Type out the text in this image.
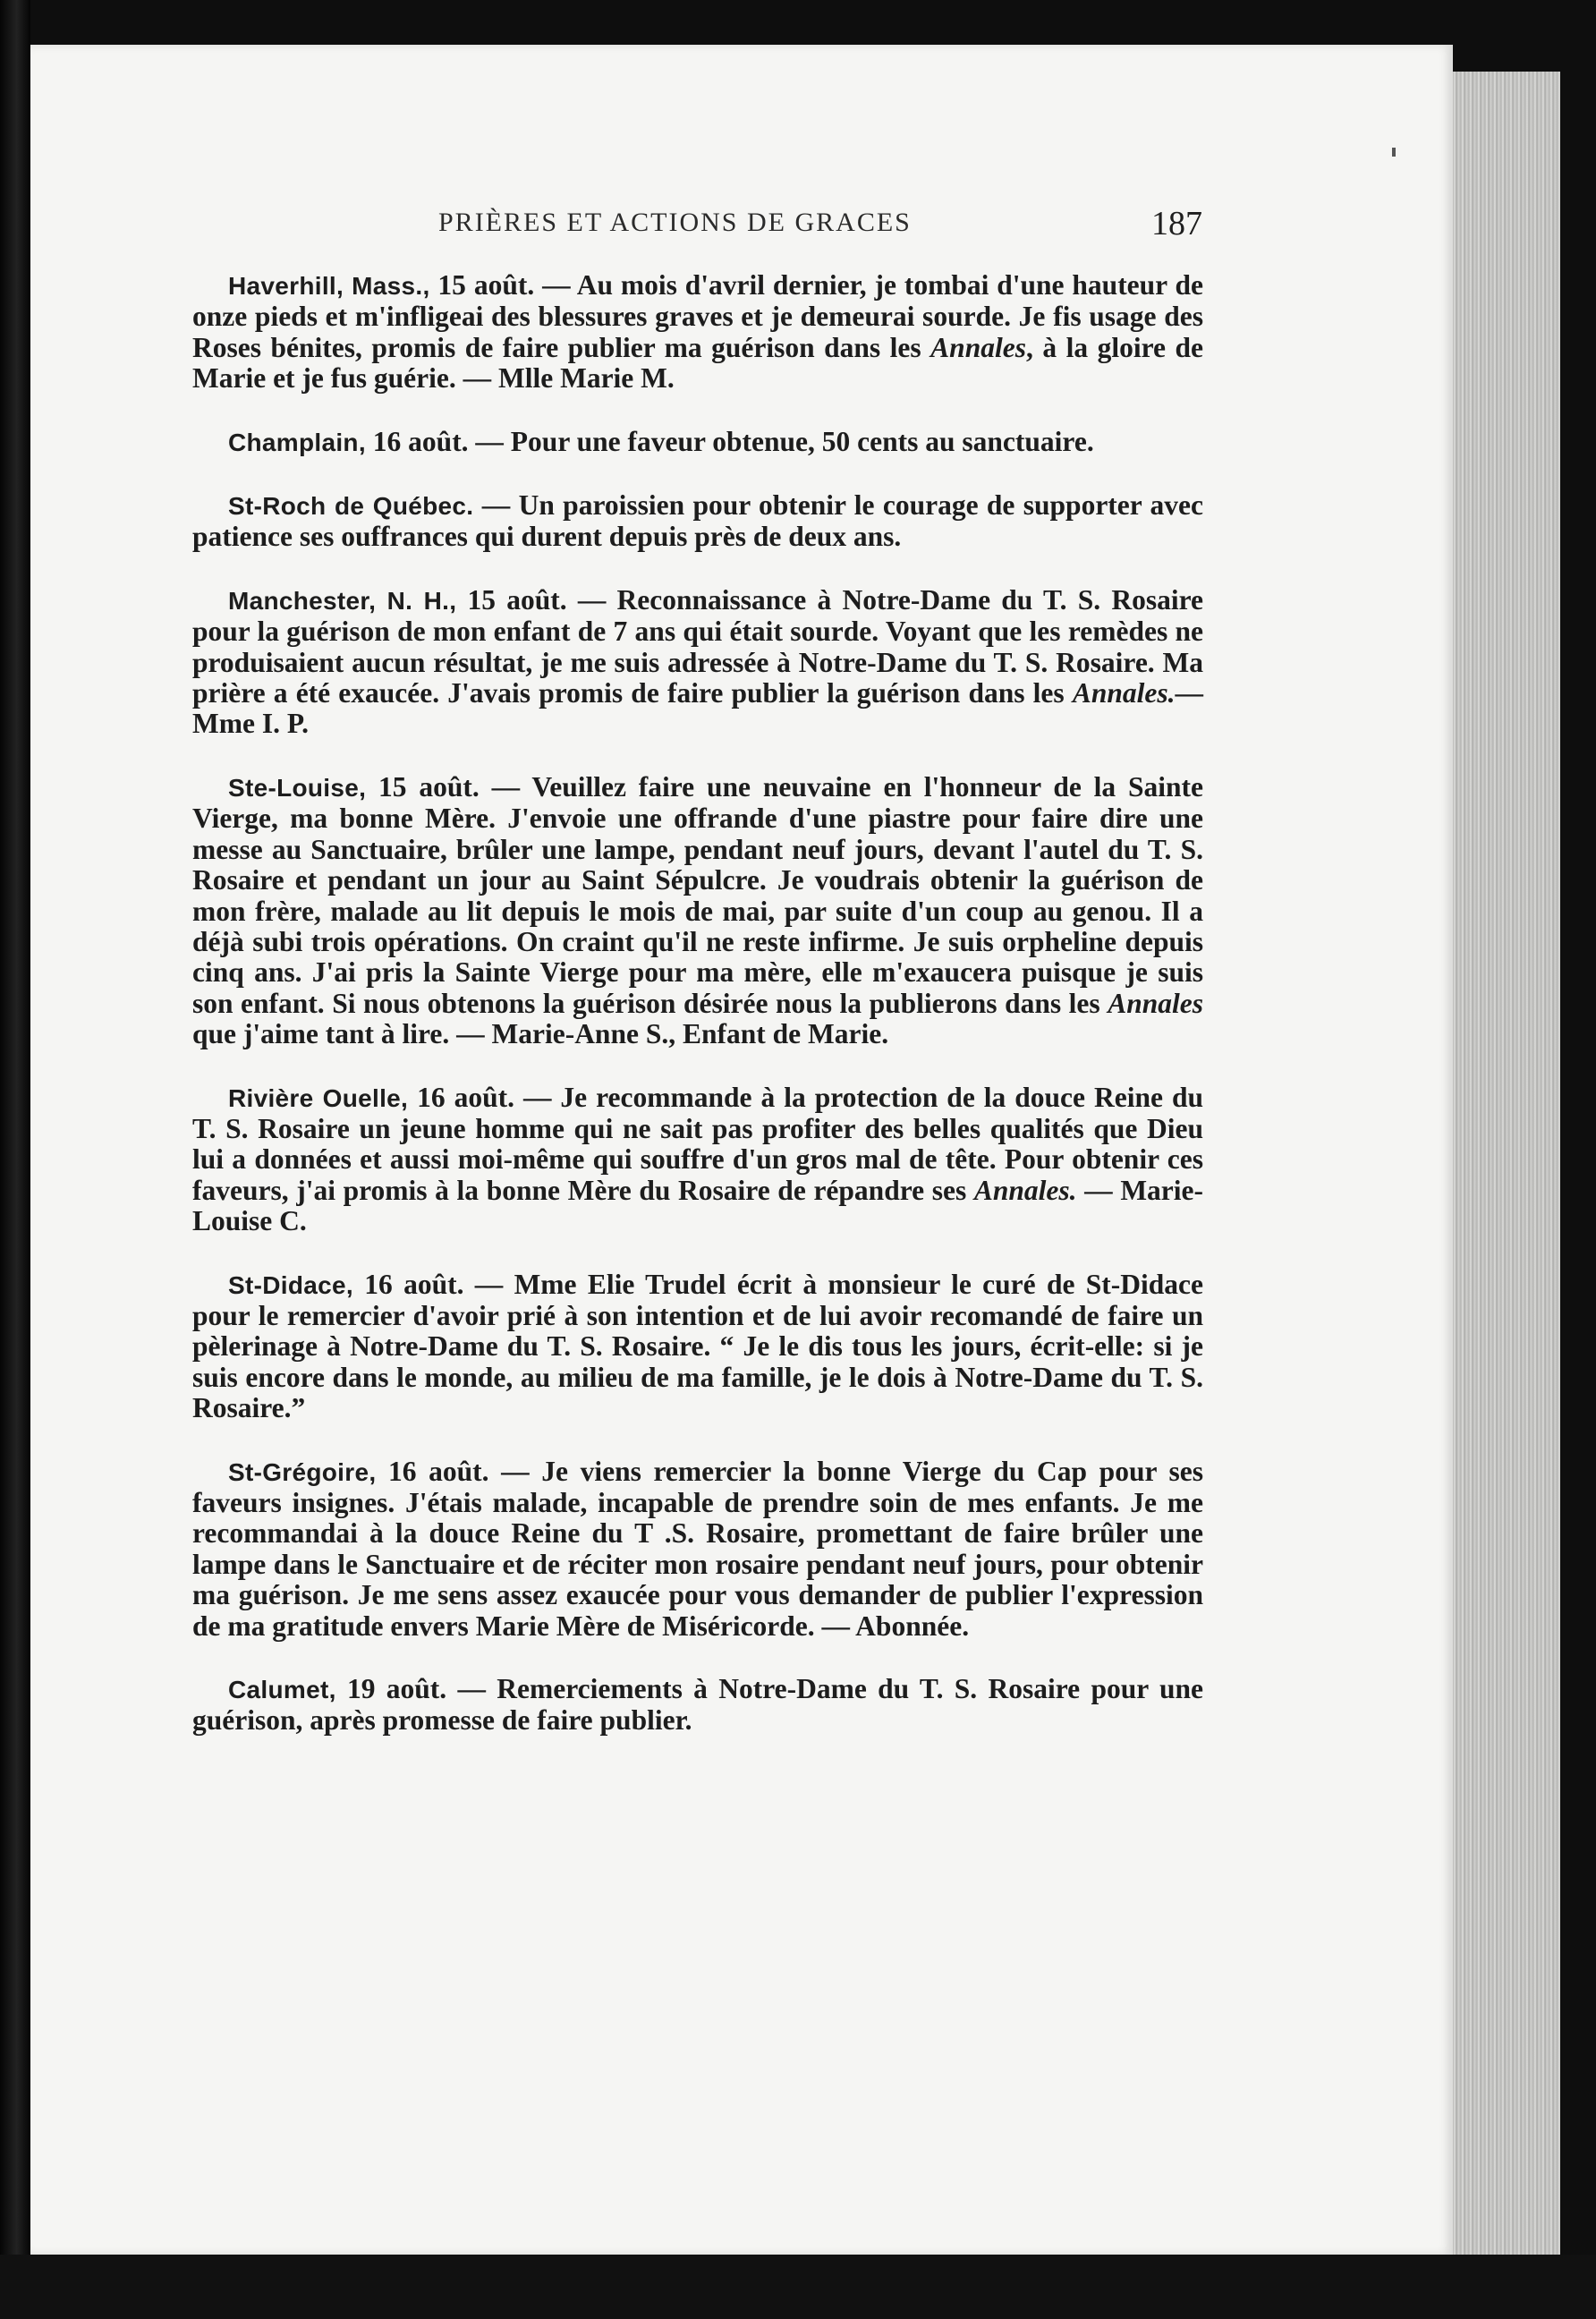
PRIÈRES ET ACTIONS DE GRACES	187

Haverhill, Mass., 15 août. — Au mois d'avril dernier, je tombai d'une hauteur de onze pieds et m'infligeai des blessures graves et je demeurai sourde. Je fis usage des Roses bénites, promis de faire publier ma guérison dans les Annales, à la gloire de Marie et je fus guérie. — Mlle Marie M.

Champlain, 16 août. — Pour une faveur obtenue, 50 cents au sanctuaire.

St-Roch de Québec. — Un paroissien pour obtenir le courage de supporter avec patience ses ouffrances qui durent depuis près de deux ans.

Manchester, N. H., 15 août. — Reconnaissance à Notre-Dame du T. S. Rosaire pour la guérison de mon enfant de 7 ans qui était sourde. Voyant que les remèdes ne produisaient aucun résultat, je me suis adressée à Notre-Dame du T. S. Rosaire. Ma prière a été exaucée. J'avais promis de faire publier la guérison dans les Annales.— Mme I. P.

Ste-Louise, 15 août. — Veuillez faire une neuvaine en l'honneur de la Sainte Vierge, ma bonne Mère. J'envoie une offrande d'une piastre pour faire dire une messe au Sanctuaire, brûler une lampe, pendant neuf jours, devant l'autel du T. S. Rosaire et pendant un jour au Saint Sépulcre. Je voudrais obtenir la guérison de mon frère, malade au lit depuis le mois de mai, par suite d'un coup au genou. Il a déjà subi trois opérations. On craint qu'il ne reste infirme. Je suis orpheline depuis cinq ans. J'ai pris la Sainte Vierge pour ma mère, elle m'exaucera puisque je suis son enfant. Si nous obtenons la guérison désirée nous la publierons dans les Annales que j'aime tant à lire. — Marie-Anne S., Enfant de Marie.

Rivière Ouelle, 16 août. — Je recommande à la protection de la douce Reine du T. S. Rosaire un jeune homme qui ne sait pas profiter des belles qualités que Dieu lui a données et aussi moi-même qui souffre d'un gros mal de tête. Pour obtenir ces faveurs, j'ai promis à la bonne Mère du Rosaire de répandre ses Annales. — Marie-Louise C.

St-Didace, 16 août. — Mme Elie Trudel écrit à monsieur le curé de St-Didace pour le remercier d'avoir prié à son intention et de lui avoir recomandé de faire un pèlerinage à Notre-Dame du T. S. Rosaire. “ Je le dis tous les jours, écrit-elle: si je suis encore dans le monde, au milieu de ma famille, je le dois à Notre-Dame du T. S. Rosaire.”

St-Grégoire, 16 août. — Je viens remercier la bonne Vierge du Cap pour ses faveurs insignes. J'étais malade, incapable de prendre soin de mes enfants. Je me recommandai à la douce Reine du T .S. Rosaire, promettant de faire brûler une lampe dans le Sanctuaire et de réciter mon rosaire pendant neuf jours, pour obtenir ma guérison. Je me sens assez exaucée pour vous demander de publier l'expression de ma gratitude envers Marie Mère de Miséricorde. — Abonnée.

Calumet, 19 août. — Remerciements à Notre-Dame du T. S. Rosaire pour une guérison, après promesse de faire publier.
